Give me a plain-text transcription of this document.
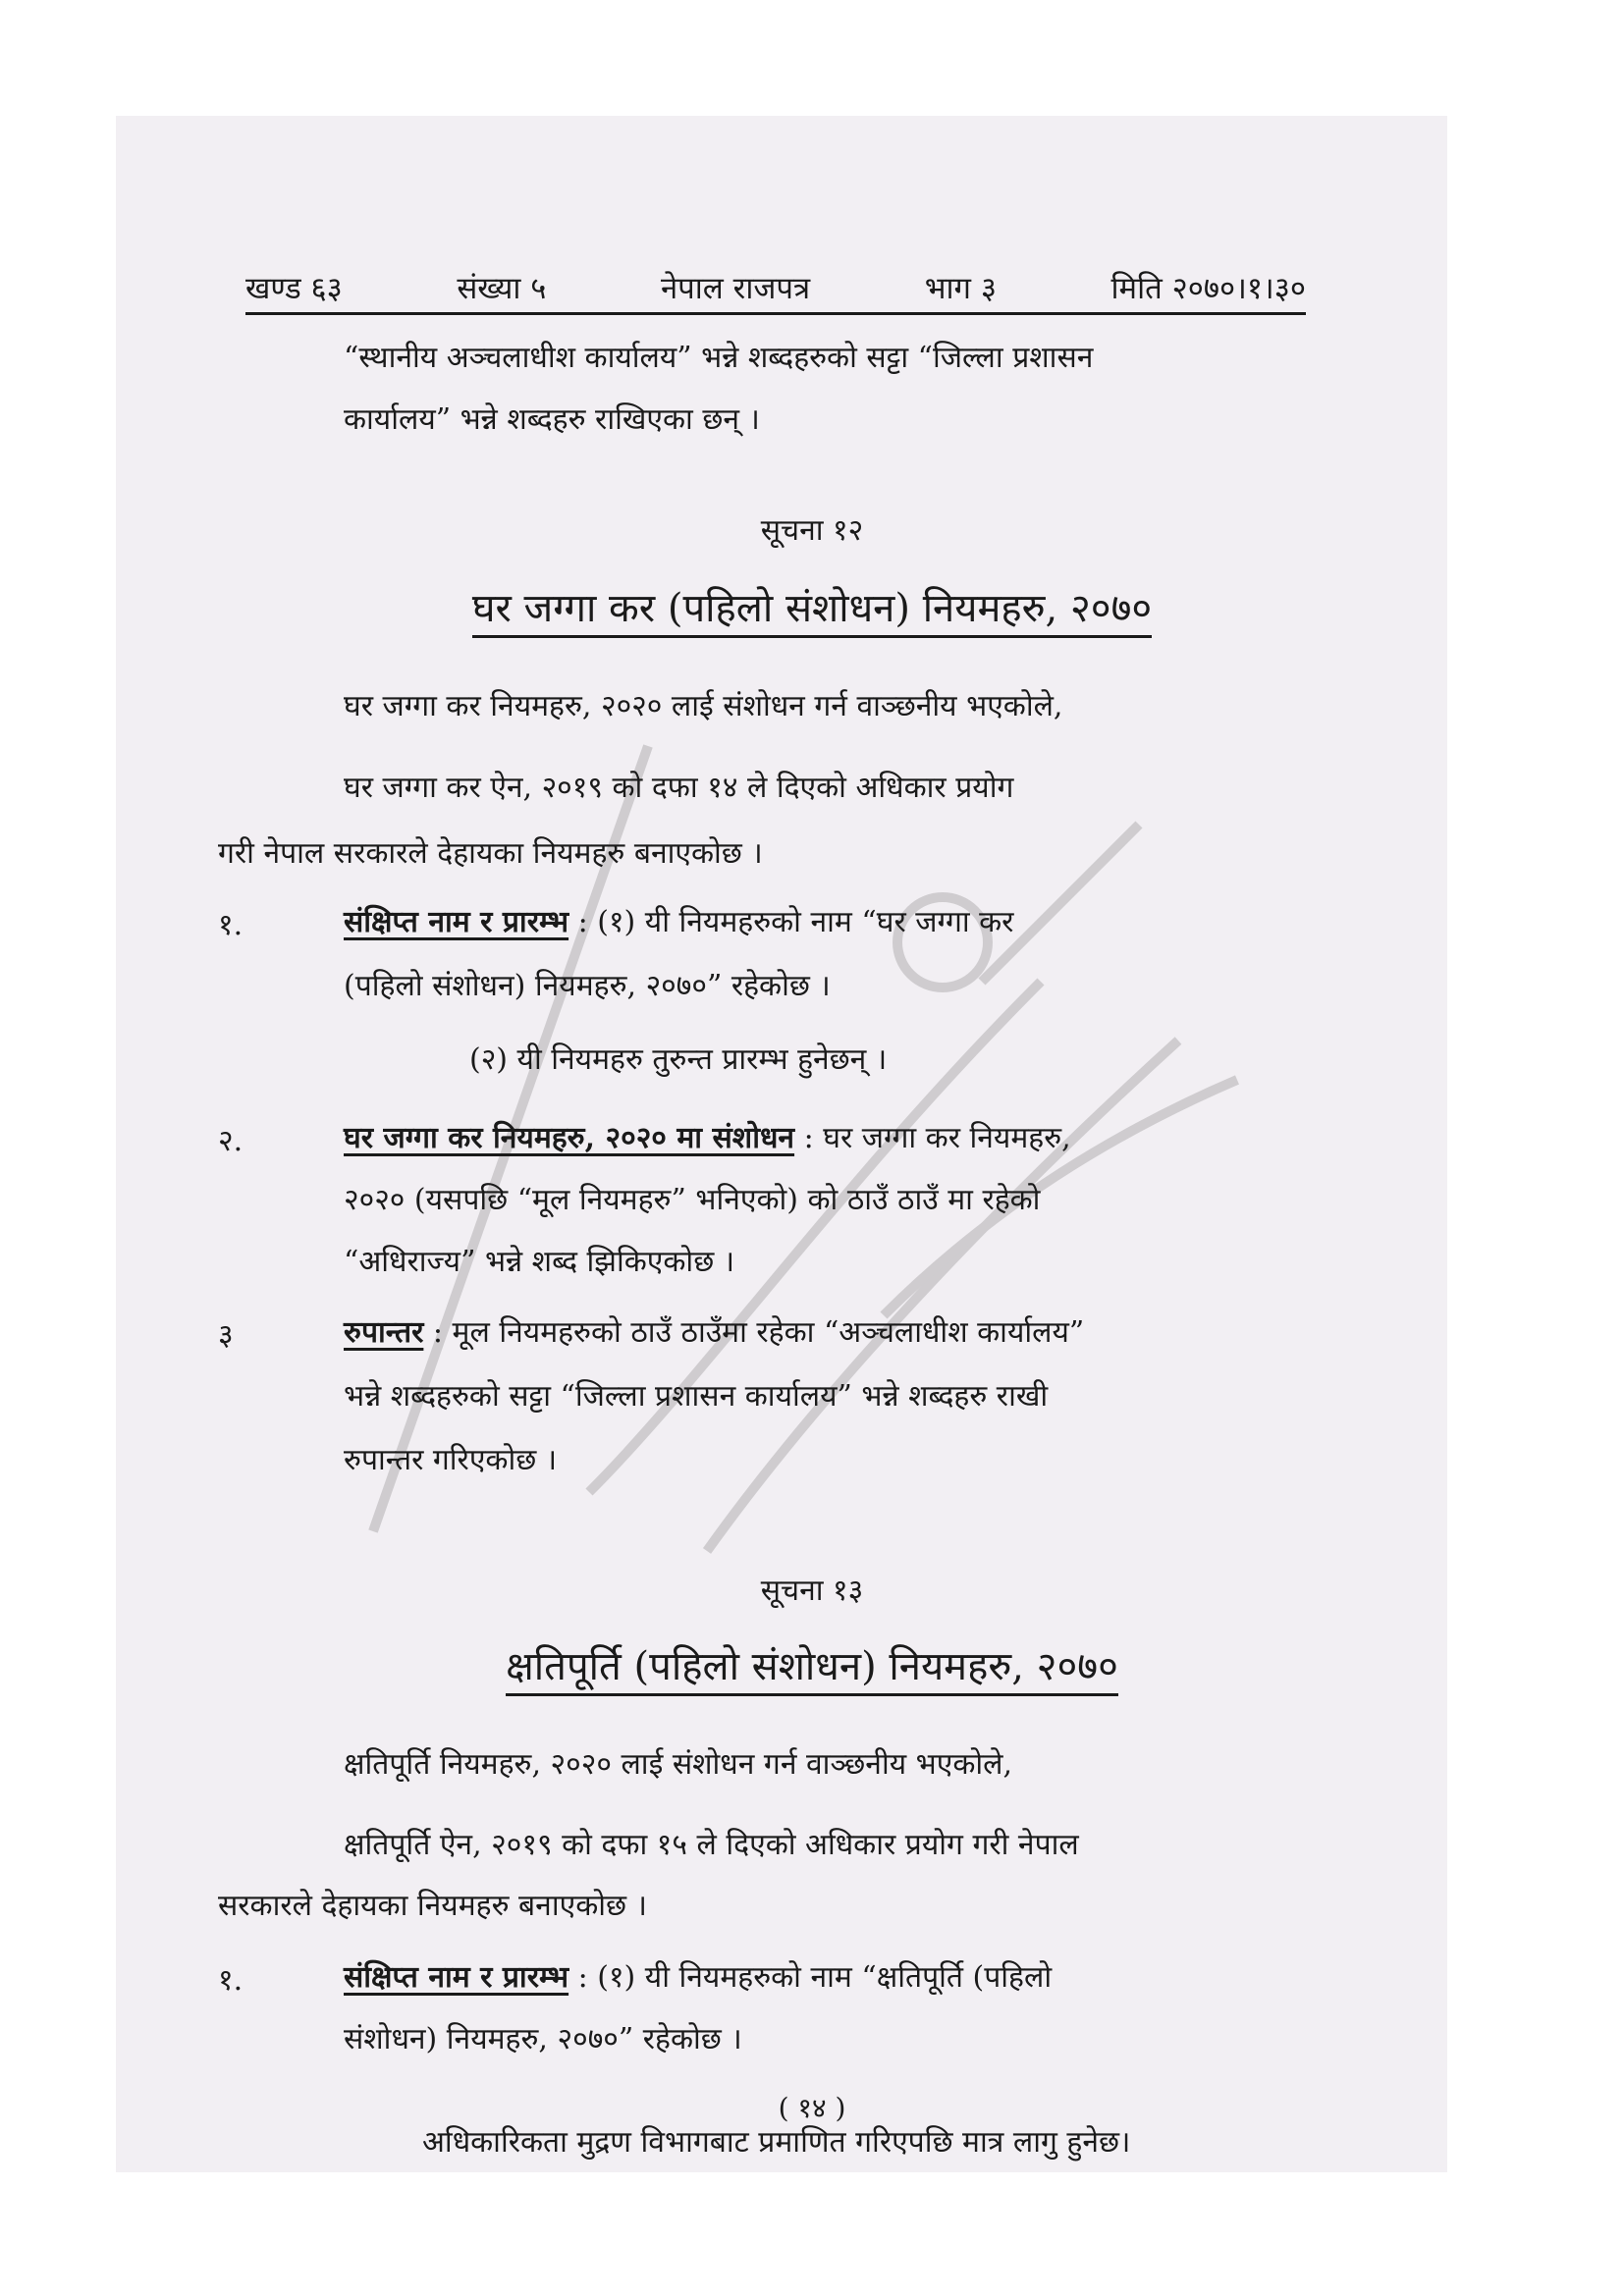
खण्ड ६३	संख्या ५	नेपाल राजपत्र	भाग ३	मिति २०७०।१।३०
“स्थानीय अञ्चलाधीश कार्यालय” भन्ने शब्दहरुको सट्टा “जिल्ला प्रशासन
कार्यालय” भन्ने शब्दहरु राखिएका छन् ।
सूचना १२
घर जग्गा कर (पहिलो संशोधन) नियमहरु, २०७०
घर जग्गा कर नियमहरु, २०२० लाई संशोधन गर्न वाञ्छनीय भएकोले,
घर जग्गा कर ऐन, २०१९ को दफा १४ ले दिएको अधिकार प्रयोग
गरी नेपाल सरकारले देहायका नियमहरु बनाएकोछ ।
१.	संक्षिप्त नाम र प्रारम्भ : (१) यी नियमहरुको नाम “घर जग्गा कर
(पहिलो संशोधन) नियमहरु, २०७०” रहेकोछ ।
(२) यी नियमहरु तुरुन्त प्रारम्भ हुनेछन् ।
२.	घर जग्गा कर नियमहरु, २०२० मा संशोधन : घर जग्गा कर नियमहरु,
२०२० (यसपछि “मूल नियमहरु” भनिएको) को ठाउँ ठाउँ मा रहेको
“अधिराज्य” भन्ने शब्द झिकिएकोछ ।
३	रुपान्तर : मूल नियमहरुको ठाउँ ठाउँमा रहेका “अञ्चलाधीश कार्यालय”
भन्ने शब्दहरुको सट्टा “जिल्ला प्रशासन कार्यालय” भन्ने शब्दहरु राखी
रुपान्तर गरिएकोछ ।
सूचना १३
क्षतिपूर्ति (पहिलो संशोधन) नियमहरु, २०७०
क्षतिपूर्ति नियमहरु, २०२० लाई संशोधन गर्न वाञ्छनीय भएकोले,
क्षतिपूर्ति ऐन, २०१९ को दफा १५ ले दिएको अधिकार प्रयोग गरी नेपाल
सरकारले देहायका नियमहरु बनाएकोछ ।
१.	संक्षिप्त नाम र प्रारम्भ : (१) यी नियमहरुको नाम “क्षतिपूर्ति (पहिलो
संशोधन) नियमहरु, २०७०” रहेकोछ ।
( १४ )
अधिकारिकता मुद्रण विभागबाट प्रमाणित गरिएपछि मात्र लागु हुनेछ।
